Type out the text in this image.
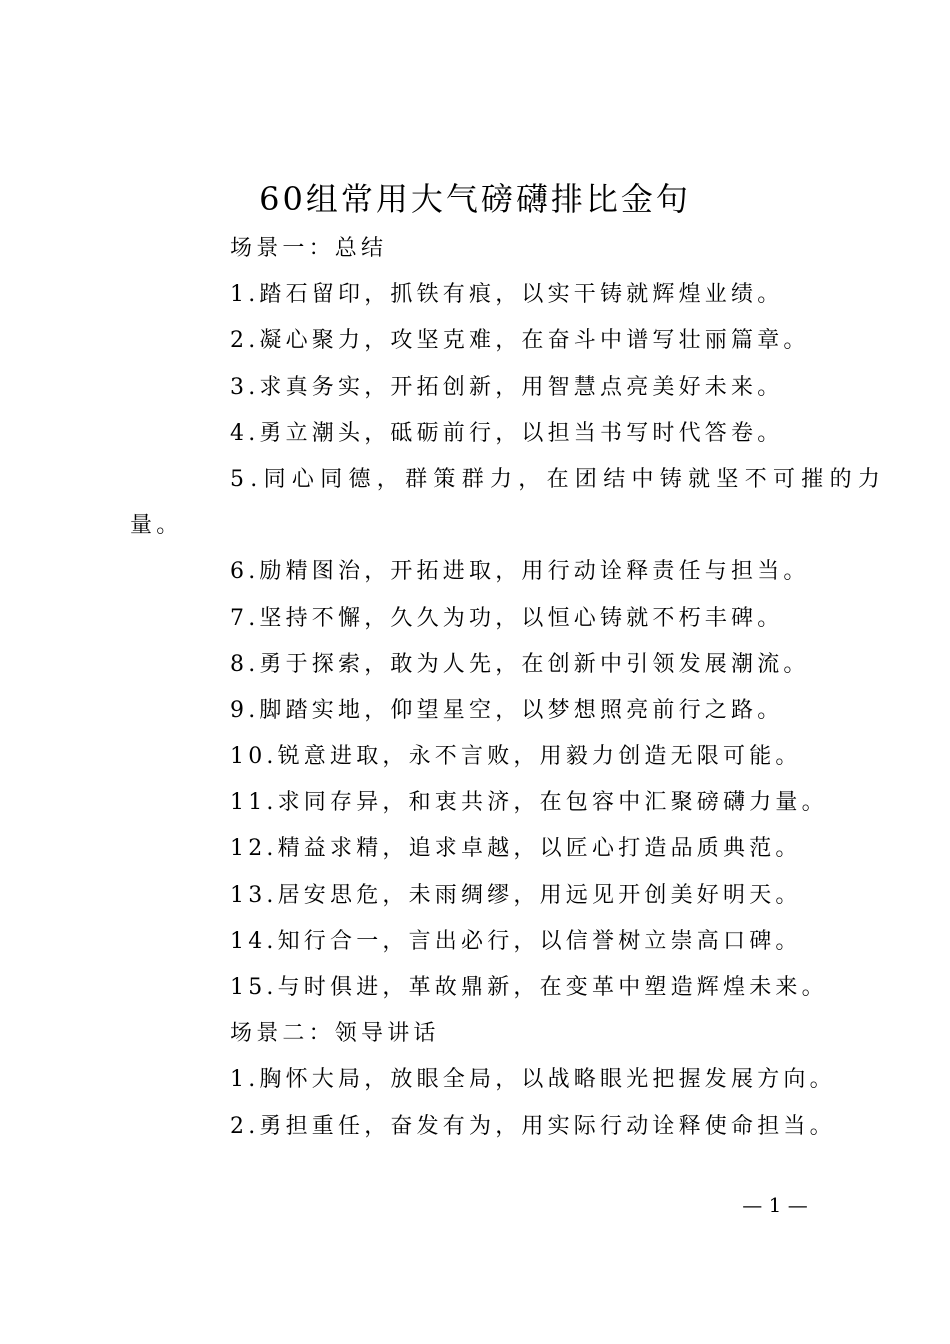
60组常用大气磅礴排比金句
场景一：总结
1.踏石留印，抓铁有痕，以实干铸就辉煌业绩。
2.凝心聚力，攻坚克难，在奋斗中谱写壮丽篇章。
3.求真务实，开拓创新，用智慧点亮美好未来。
4.勇立潮头，砥砺前行，以担当书写时代答卷。
5.同心同德，群策群力，在团结中铸就坚不可摧的力
量。
6.励精图治，开拓进取，用行动诠释责任与担当。
7.坚持不懈，久久为功，以恒心铸就不朽丰碑。
8.勇于探索，敢为人先，在创新中引领发展潮流。
9.脚踏实地，仰望星空，以梦想照亮前行之路。
10.锐意进取，永不言败，用毅力创造无限可能。
11.求同存异，和衷共济，在包容中汇聚磅礴力量。
12.精益求精，追求卓越，以匠心打造品质典范。
13.居安思危，未雨绸缪，用远见开创美好明天。
14.知行合一，言出必行，以信誉树立崇高口碑。
15.与时俱进，革故鼎新，在变革中塑造辉煌未来。
场景二：领导讲话
1.胸怀大局，放眼全局，以战略眼光把握发展方向。
2.勇担重任，奋发有为，用实际行动诠释使命担当。
— 1 —
